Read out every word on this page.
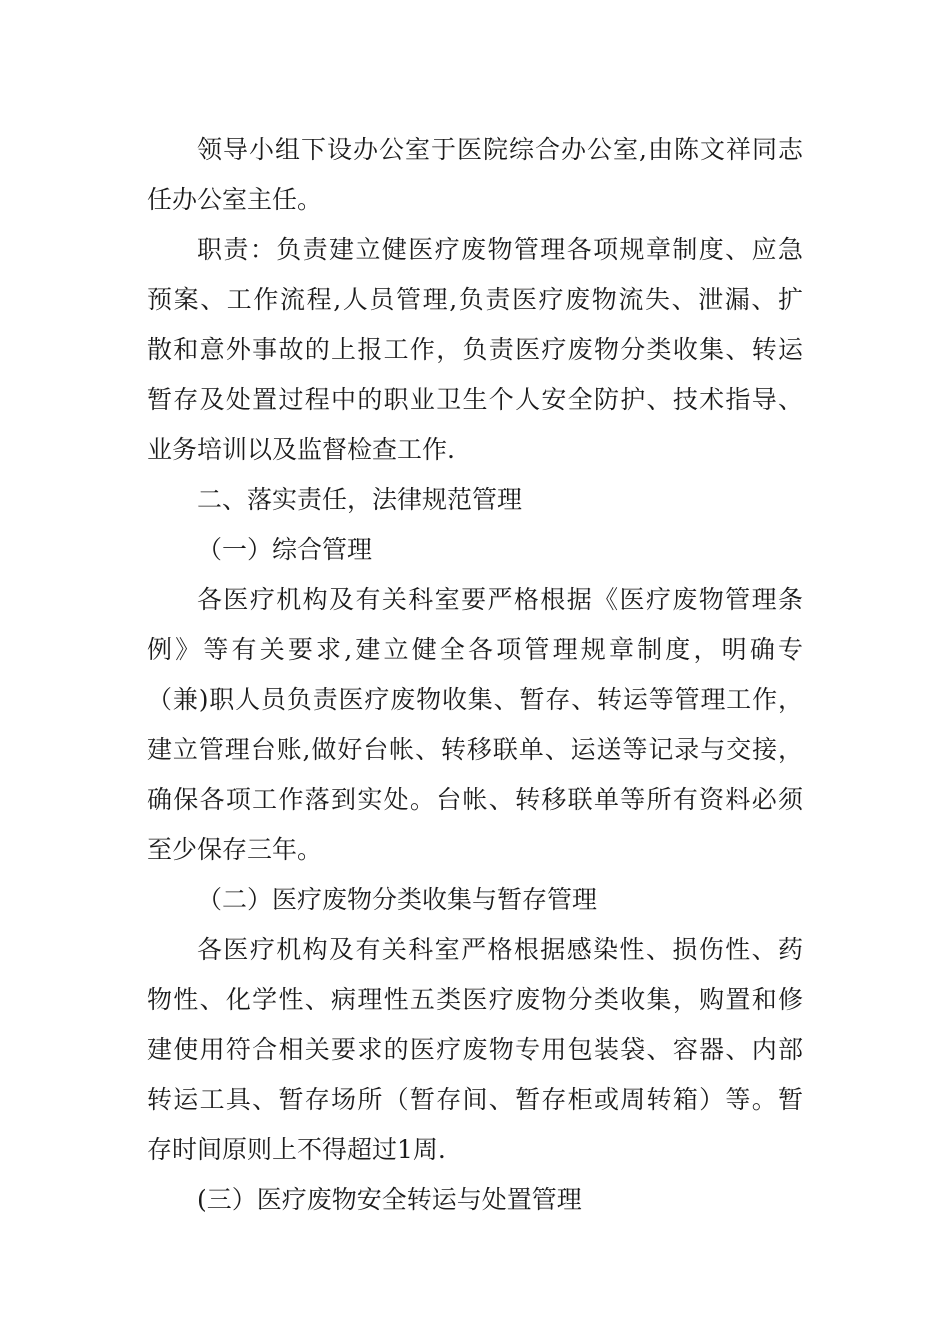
领导小组下设办公室于医院综合办公室,由陈文祥同志
任办公室主任。
职责：负责建立健医疗废物管理各项规章制度、应急
预案、工作流程,人员管理,负责医疗废物流失、泄漏、扩
散和意外事故的上报工作，负责医疗废物分类收集、转运
暂存及处置过程中的职业卫生个人安全防护、技术指导、
业务培训以及监督检查工作.
二、落实责任，法律规范管理
（一）综合管理
各医疗机构及有关科室要严格根据《医疗废物管理条
例》等有关要求,建立健全各项管理规章制度，明确专
（兼)职人员负责医疗废物收集、暂存、转运等管理工作，
建立管理台账,做好台帐、转移联单、运送等记录与交接，
确保各项工作落到实处。台帐、转移联单等所有资料必须
至少保存三年。
（二）医疗废物分类收集与暂存管理
各医疗机构及有关科室严格根据感染性、损伤性、药
物性、化学性、病理性五类医疗废物分类收集，购置和修
建使用符合相关要求的医疗废物专用包装袋、容器、内部
转运工具、暂存场所（暂存间、暂存柜或周转箱）等。暂
存时间原则上不得超过1周.
(三）医疗废物安全转运与处置管理
